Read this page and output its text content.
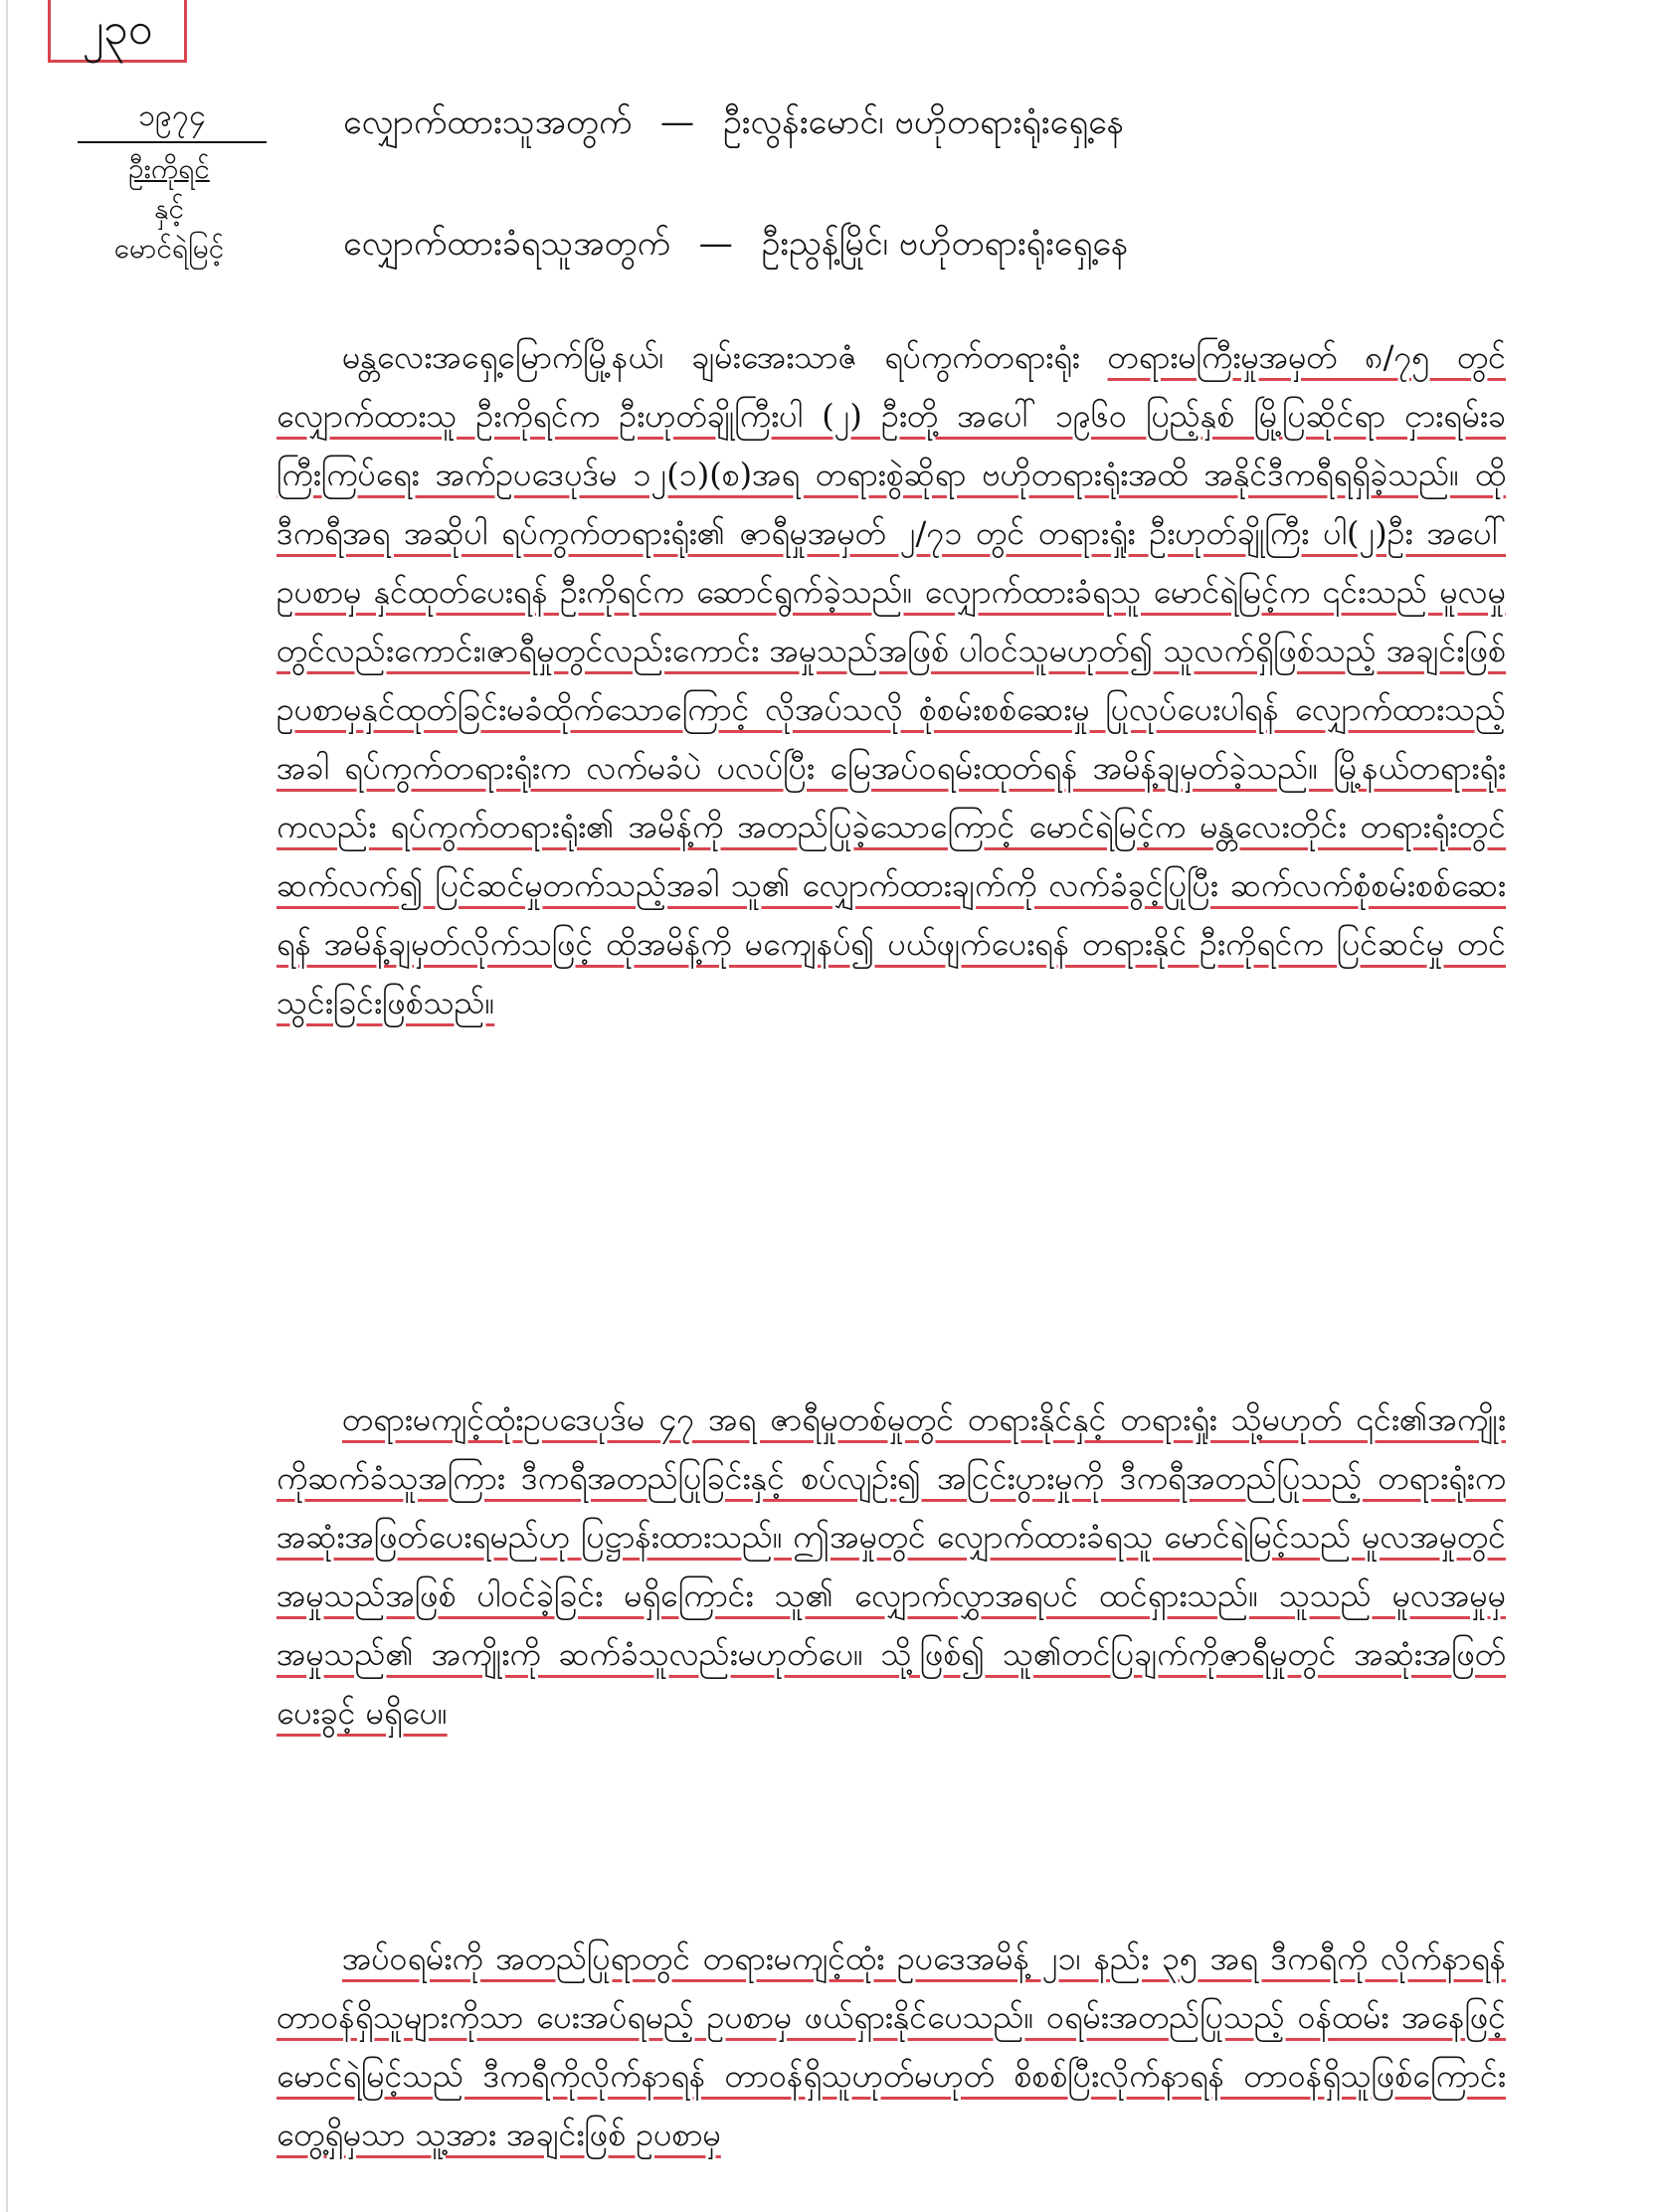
၂၃၀
၁၉၇၄
ဦးကိုရင်
နှင့်
မောင်ရဲမြင့်
လျှောက်ထားသူအတွက် — ဦးလွန်းမောင်၊ ဗဟိုတရားရုံးရှေ့နေ
လျှောက်ထားခံရသူအတွက် — ဦးညွန့်မြိုင်၊ ဗဟိုတရားရုံးရှေ့နေ
မန္တလေးအရှေ့မြောက်မြို့နယ်၊ ချမ်းအေးသာဇံ ရပ်ကွက်တရားရုံး တရားမကြီးမှုအမှတ် ၈/၇၅ တွင် လျှောက်ထားသူ ဦးကိုရင်က ဦးဟုတ်ချိုကြီးပါ (၂) ဦးတို့ အပေါ် ၁၉၆၀ ပြည့်နှစ် မြို့ပြဆိုင်ရာ ငှားရမ်းခကြီးကြပ်ရေး အက်ဥပဒေပုဒ်မ ၁၂(၁)(စ)အရ တရားစွဲဆိုရာ ဗဟိုတရားရုံးအထိ အနိုင်ဒီကရီရရှိခဲ့သည်။ ထိုဒီကရီအရ အဆိုပါ ရပ်ကွက်တရားရုံး၏ ဇာရီမှုအမှတ် ၂/၇၁ တွင် တရားရှုံး ဦးဟုတ်ချိုကြီး ပါ(၂)ဦး အပေါ် ဥပစာမှ နှင်ထုတ်ပေးရန် ဦးကိုရင်က ဆောင်ရွက်ခဲ့သည်။ လျှောက်ထားခံရသူ မောင်ရဲမြင့်က ၎င်းသည် မူလမှုတွင်လည်းကောင်း၊ဇာရီမှုတွင်လည်းကောင်း အမှုသည်အဖြစ် ပါဝင်သူမဟုတ်၍ သူလက်ရှိဖြစ်သည့် အချင်းဖြစ်ဥပစာမှနှင်ထုတ်ခြင်းမခံထိုက်သောကြောင့် လိုအပ်သလို စုံစမ်းစစ်ဆေးမှု ပြုလုပ်ပေးပါရန် လျှောက်ထားသည့်အခါ ရပ်ကွက်တရားရုံးက လက်မခံပဲ ပလပ်ပြီး မြေအပ်ဝရမ်းထုတ်ရန် အမိန့်ချမှတ်ခဲ့သည်။ မြို့နယ်တရားရုံးကလည်း ရပ်ကွက်တရားရုံး၏ အမိန့်ကို အတည်ပြုခဲ့သောကြောင့် မောင်ရဲမြင့်က မန္တလေးတိုင်း တရားရုံးတွင် ဆက်လက်၍ ပြင်ဆင်မှုတက်သည့်အခါ သူ၏ လျှောက်ထားချက်ကို လက်ခံခွင့်ပြုပြီး ဆက်လက်စုံစမ်းစစ်ဆေးရန် အမိန့်ချမှတ်လိုက်သဖြင့် ထိုအမိန့်ကို မကျေနပ်၍ ပယ်ဖျက်ပေးရန် တရားနိုင် ဦးကိုရင်က ပြင်ဆင်မှု တင်သွင်းခြင်းဖြစ်သည်။
တရားမကျင့်ထုံးဥပဒေပုဒ်မ ၄၇ အရ ဇာရီမှုတစ်မှုတွင် တရားနိုင်နှင့် တရားရှုံး သို့မဟုတ် ၎င်း၏အကျိုးကိုဆက်ခံသူအကြား ဒီကရီအတည်ပြုခြင်းနှင့် စပ်လျဉ်း၍ အငြင်းပွားမှုကို ဒီကရီအတည်ပြုသည့် တရားရုံးက အဆုံးအဖြတ်ပေးရမည်ဟု ပြဋ္ဌာန်းထားသည်။ ဤအမှုတွင် လျှောက်ထားခံရသူ မောင်ရဲမြင့်သည် မူလအမှုတွင် အမှုသည်အဖြစ် ပါဝင်ခဲ့ခြင်း မရှိကြောင်း သူ၏ လျှောက်လွှာအရပင် ထင်ရှားသည်။ သူသည် မူလအမှုမှ အမှုသည်၏ အကျိုးကို ဆက်ခံသူလည်းမဟုတ်ပေ။ သို့ဖြစ်၍ သူ၏တင်ပြချက်ကိုဇာရီမှုတွင် အဆုံးအဖြတ်ပေးခွင့် မရှိပေ။
အပ်ဝရမ်းကို အတည်ပြုရာတွင် တရားမကျင့်ထုံး ဥပဒေအမိန့် ၂၁၊ နည်း ၃၅ အရ ဒီကရီကို လိုက်နာရန် တာဝန်ရှိသူများကိုသာ ပေးအပ်ရမည့် ဥပစာမှ ဖယ်ရှားနိုင်ပေသည်။ ဝရမ်းအတည်ပြုသည့် ဝန်ထမ်း အနေဖြင့် မောင်ရဲမြင့်သည် ဒီကရီကိုလိုက်နာရန် တာဝန်ရှိသူဟုတ်မဟုတ် စိစစ်ပြီးလိုက်နာရန် တာဝန်ရှိသူဖြစ်ကြောင်း တွေ့ရှိမှသာ သူ့အား အချင်းဖြစ် ဥပစာမှ
